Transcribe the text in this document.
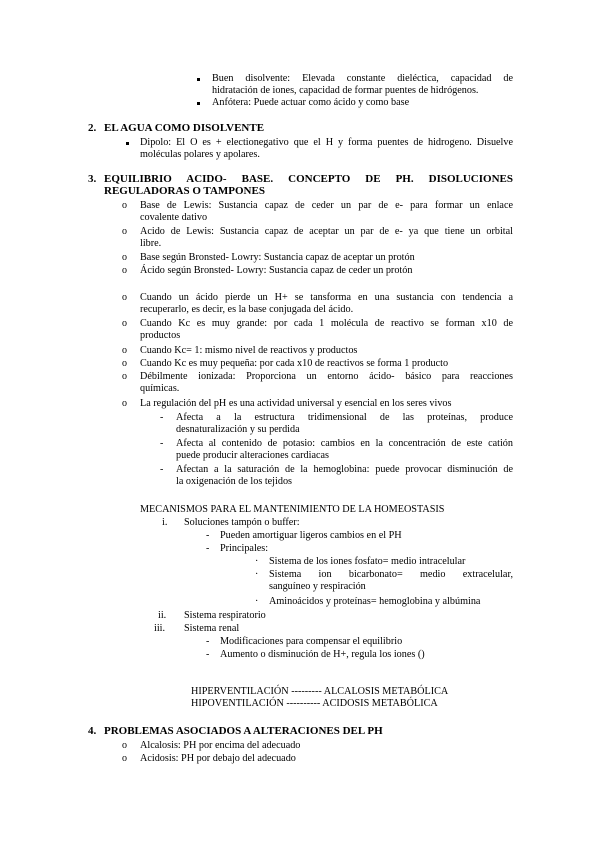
Buen disolvente: Elevada constante dieléctica, capacidad de
hidratación de iones, capacidad de formar puentes de hidrógenos.
Anfótera: Puede actuar como ácido y como base
2. EL AGUA COMO DISOLVENTE
Dipolo: El O es + electionegativo que el H y forma puentes de hidrogeno. Disuelve
moléculas polares y apolares.
3. EQUILIBRIO ACIDO- BASE. CONCEPTO DE PH. DISOLUCIONES
REGULADORAS O TAMPONES
o Base de Lewis: Sustancia capaz de ceder un par de e- para formar un enlace
covalente dativo
o Acido de Lewis: Sustancia capaz de aceptar un par de e- ya que tiene un orbital
libre.
o Base según Bronsted- Lowry: Sustancia capaz de aceptar un protón
o Ácido según Bronsted- Lowry: Sustancia capaz de ceder un protón
o Cuando un ácido pierde un H+ se tansforma en una sustancia con tendencia a
recuperarlo, es decir, es la base conjugada del ácido.
o Cuando Kc es muy grande: por cada 1 molécula de reactivo se forman x10 de
productos
o Cuando Kc= 1: mismo nivel de reactivos y productos
o Cuando Kc es muy pequeña: por cada x10 de reactivos se forma 1 producto
o Débilmente ionizada: Proporciona un entorno ácido- básico para reacciones
químicas.
o La regulación del pH es una actividad universal y esencial en los seres vivos
- Afecta a la estructura tridimensional de las proteínas, produce
desnaturalización y su perdida
- Afecta al contenido de potasio: cambios en la concentración de este catión
puede producir alteraciones cardiacas
- Afectan a la saturación de la hemoglobina: puede provocar disminución de
la oxigenación de los tejidos
MECANISMOS PARA EL MANTENIMIENTO DE LA HOMEOSTASIS
i. Soluciones tampón o buffer:
- Pueden amortiguar ligeros cambios en el PH
- Principales:
· Sistema de los iones fosfato= medio intracelular
· Sistema ion bicarbonato= medio extracelular,
sanguíneo y respiración
· Aminoácidos y proteínas= hemoglobina y albúmina
ii. Sistema respiratorio
iii. Sistema renal
- Modificaciones para compensar el equilibrio
- Aumento o disminución de H+, regula los iones ()
HIPERVENTILACIÓN --------- ALCALOSIS METABÓLICA
HIPOVENTILACIÓN ---------- ACIDOSIS METABÓLICA
4. PROBLEMAS ASOCIADOS A ALTERACIONES DEL PH
o Alcalosis: PH por encima del adecuado
o Acidosis: PH por debajo del adecuado
